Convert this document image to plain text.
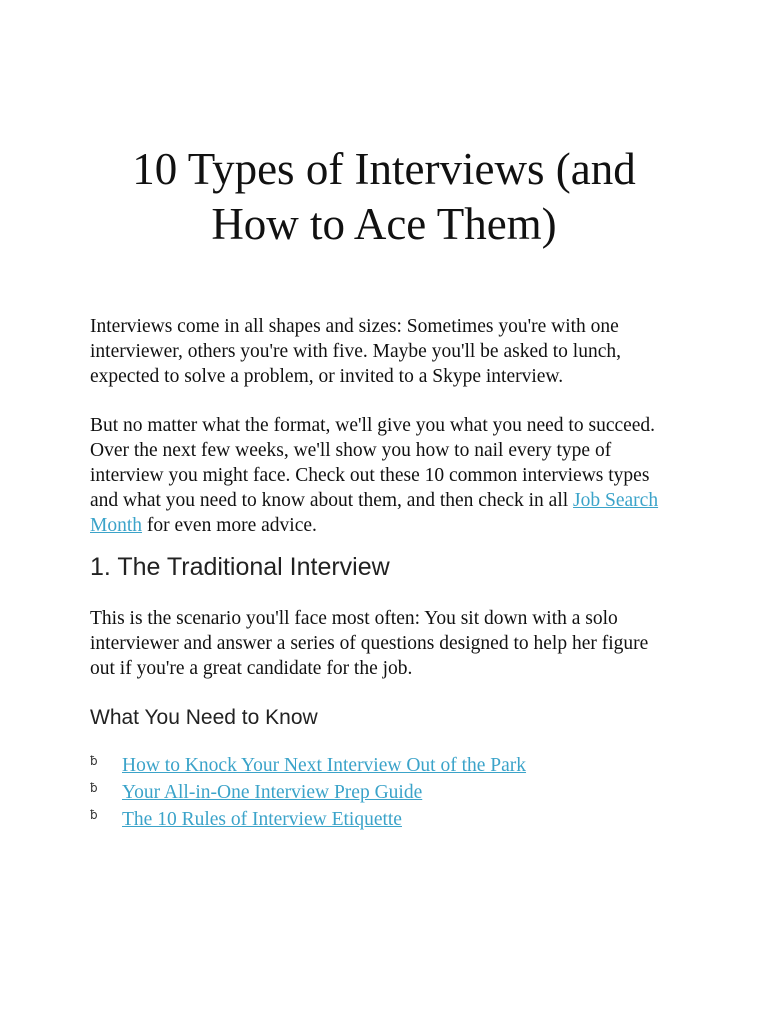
10 Types of Interviews (and How to Ace Them)

Interviews come in all shapes and sizes: Sometimes you're with one interviewer, others you're with five. Maybe you'll be asked to lunch, expected to solve a problem, or invited to a Skype interview.

But no matter what the format, we'll give you what you need to succeed. Over the next few weeks, we'll show you how to nail every type of interview you might face. Check out these 10 common interviews types and what you need to know about them, and then check in all Job Search Month for even more advice.

1. The Traditional Interview

This is the scenario you'll face most often: You sit down with a solo interviewer and answer a series of questions designed to help her figure out if you're a great candidate for the job.

What You Need to Know
ƀ	How to Knock Your Next Interview Out of the Park
ƀ	Your All-in-One Interview Prep Guide
ƀ	The 10 Rules of Interview Etiquette
